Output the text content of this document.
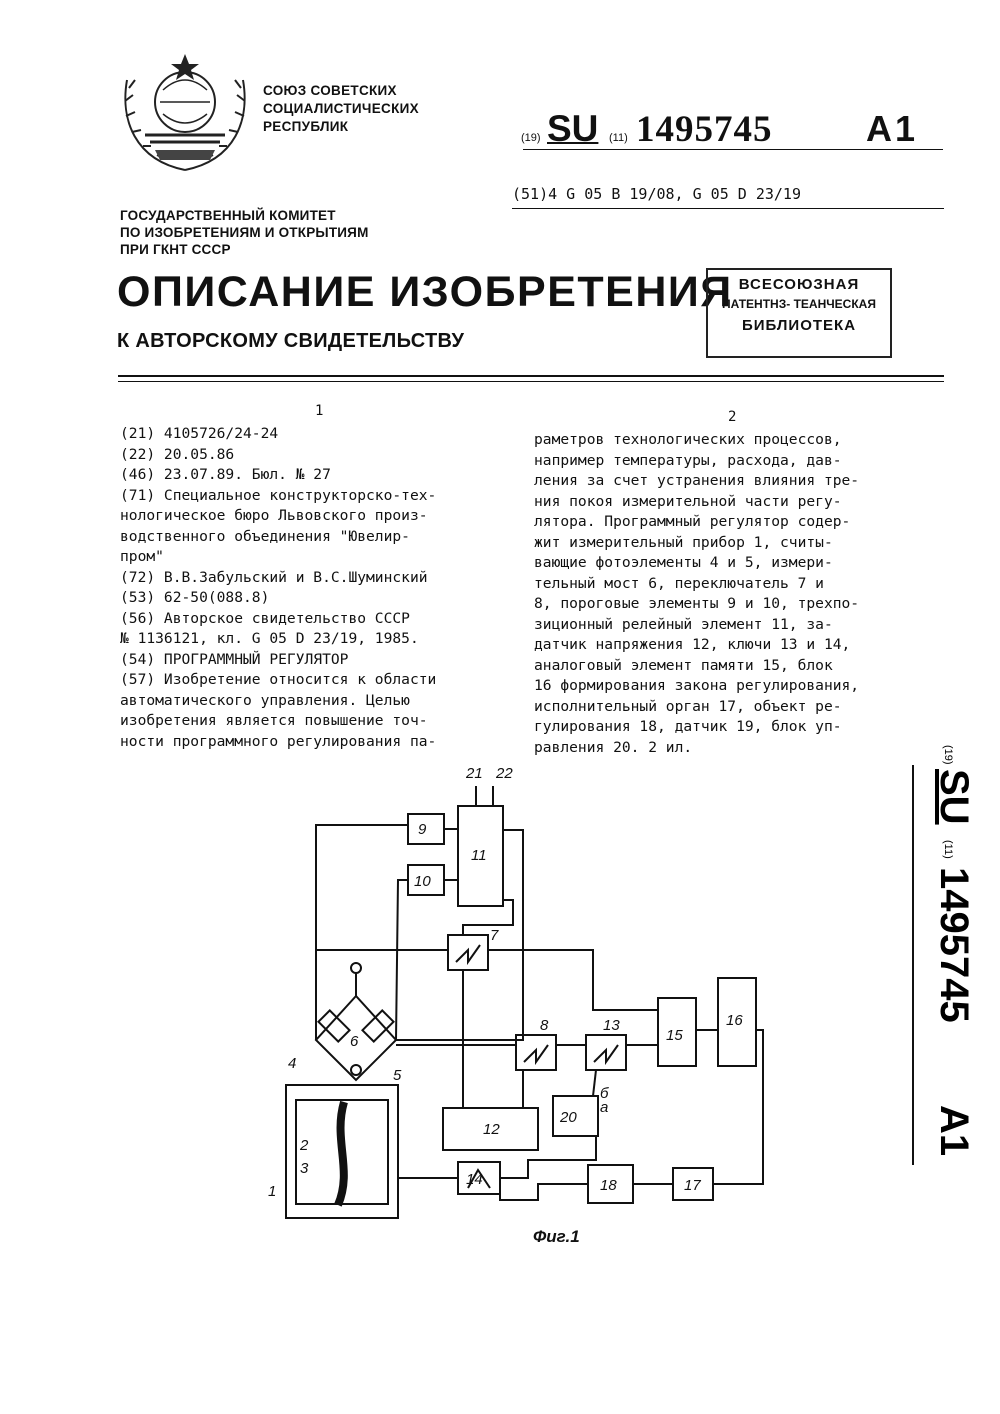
СОЮЗ СОВЕТСКИХ
СОЦИАЛИСТИЧЕСКИХ
РЕСПУБЛИК
(19) SU (11) 1495745	A1
(51)4 G 05 B 19/08, G 05 D 23/19
ГОСУДАРСТВЕННЫЙ КОМИТЕТ
ПО ИЗОБРЕТЕНИЯМ И ОТКРЫТИЯМ
ПРИ ГКНТ СССР
ОПИСАНИЕ ИЗОБРЕТЕНИЯ
К АВТОРСКОМУ СВИДЕТЕЛЬСТВУ
ВСЕСОЮЗНАЯ
ПАТЕНТНЗ- ТЕАНЧЕСКАЯ
БИБЛИОТЕКА
1	2
(21) 4105726/24-24
(22) 20.05.86
(46) 23.07.89. Бюл. № 27
(71) Специальное конструкторско-тех-
нологическое бюро Львовского произ-
водственного объединения "Ювелир-
пром"
(72) В.В.Забульский и В.С.Шуминский
(53) 62-50(088.8)
(56) Авторское свидетельство СССР
№ 1136121, кл. G 05 D 23/19, 1985.
(54) ПРОГРАММНЫЙ РЕГУЛЯТОР
(57) Изобретение относится к области
автоматического управления. Целью
изобретения является повышение точ-
ности программного регулирования па-
раметров технологических процессов,
например температуры, расхода, дав-
ления за счет устранения влияния тре-
ния покоя измерительной части регу-
лятора. Программный регулятор содер-
жит измерительный прибор 1, считы-
вающие фотоэлементы 4 и 5, измери-
тельный мост 6, переключатель 7 и
8, пороговые элементы 9 и 10, трехпо-
зиционный релейный элемент 11, за-
датчик напряжения 12, ключи 13 и 14,
аналоговый элемент памяти 15, блок
16 формирования закона регулирования,
исполнительный орган 17, объект ре-
гулирования 18, датчик 19, блок уп-
равления 20. 2 ил.	(19)
SU
(11)
1495745
A1
9
10
11
7
6
8	13
15
16
12
20
14	18	17
1
2
3
4
5
21 22
б
а
Фиг.1
